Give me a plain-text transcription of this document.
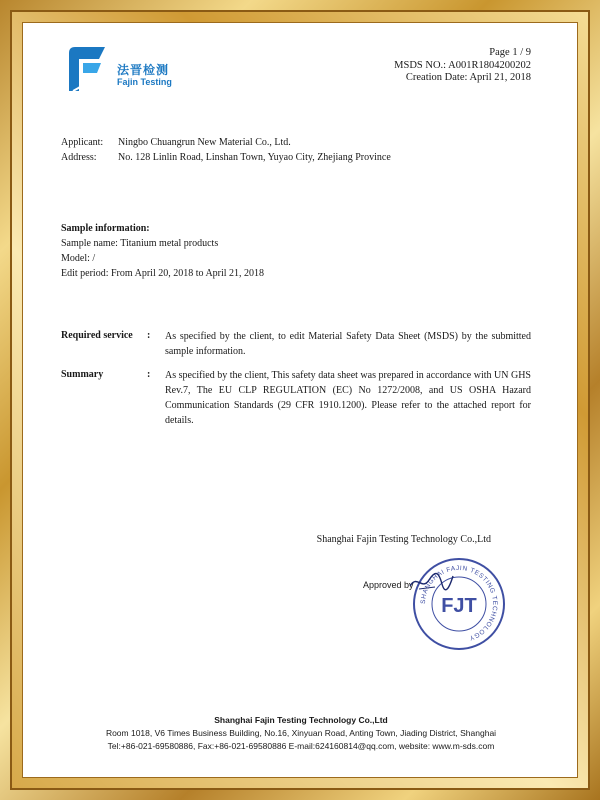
法晋检测
Fajin Testing
Page 1 / 9
MSDS NO.: A001R1804200202
Creation Date: April 21, 2018
Applicant: Ningbo Chuangrun New Material Co., Ltd.
Address: No. 128 Linlin Road, Linshan Town, Yuyao City, Zhejiang Province
Sample information:
Sample name: Titanium metal products
Model: /
Edit period: From April 20, 2018 to April 21, 2018
Required service : As specified by the client, to edit Material Safety Data Sheet (MSDS) by the submitted sample information.
Summary	: As specified by the client, This safety data sheet was prepared in accordance with UN GHS Rev.7, The EU CLP REGULATION (EC) No 1272/2008, and US OSHA Hazard Communication Standards (29 CFR 1910.1200). Please refer to the attached report for details.
Shanghai Fajin Testing Technology Co.,Ltd
Approved by
SHANGHAI FAJIN TESTING TECHNOLOGY
FJT
Shanghai Fajin Testing Technology Co.,Ltd
Room 1018, V6 Times Business Building, No.16, Xinyuan Road, Anting Town, Jiading District, Shanghai
Tel:+86-021-69580886, Fax:+86-021-69580886 E-mail:624160814@qq.com, website: www.m-sds.com
